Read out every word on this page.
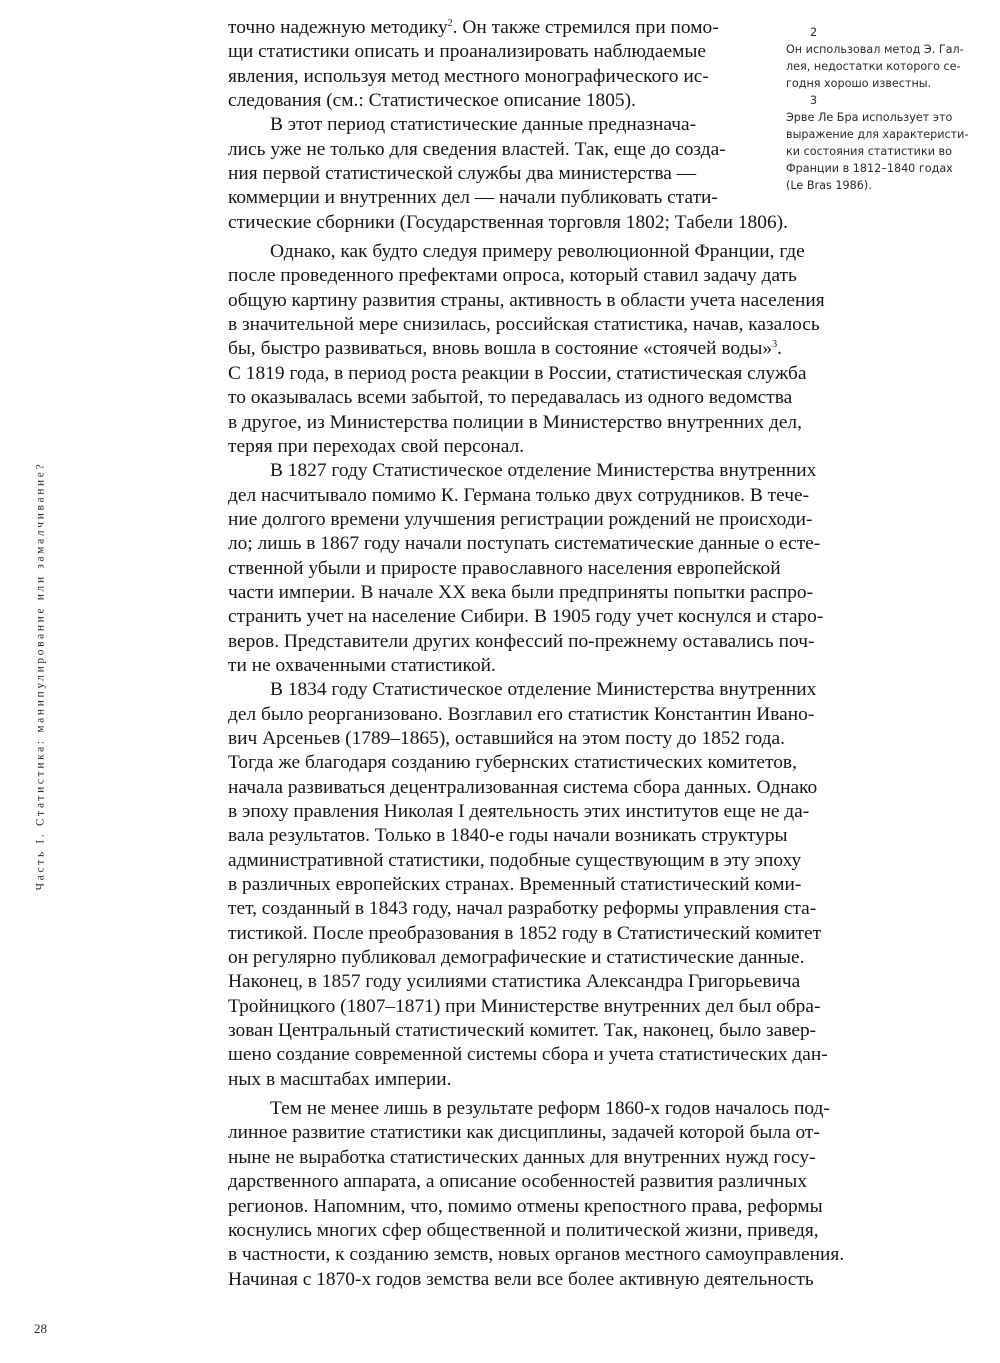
Часть I. Статистика: манипулирование или замалчивание?
точно надежную методику$^2$. Он также стремился при помо-
щи статистики описать и проанализировать наблюдаемые
явления, используя метод местного монографического ис-
следования (см.: Статистическое описание 1805).
В этот период статистические данные предназнача-
лись уже не только для сведения властей. Так, еще до созда-
ния первой статистической службы два министерства —
коммерции и внутренних дел — начали публиковать стати-
стические сборники (Государственная торговля 1802; Табели 1806).
Однако, как будто следуя примеру революционной Франции, где
после проведенного префектами опроса, который ставил задачу дать
общую картину развития страны, активность в области учета населения
в значительной мере снизилась, российская статистика, начав, казалось
бы, быстро развиваться, вновь вошла в состояние «стоячей воды»$^3$.
С 1819 года, в период роста реакции в России, статистическая служба
то оказывалась всеми забытой, то передавалась из одного ведомства
в другое, из Министерства полиции в Министерство внутренних дел,
теряя при переходах свой персонал.
В 1827 году Статистическое отделение Министерства внутренних
дел насчитывало помимо К. Германа только двух сотрудников. В тече-
ние долгого времени улучшения регистрации рождений не происходи-
ло; лишь в 1867 году начали поступать систематические данные о есте-
ственной убыли и приросте православного населения европейской
части империи. В начале XX века были предприняты попытки распро-
странить учет на население Сибири. В 1905 году учет коснулся и старо-
веров. Представители других конфессий по-прежнему оставались поч-
ти не охваченными статистикой.
В 1834 году Статистическое отделение Министерства внутренних
дел было реорганизовано. Возглавил его статистик Константин Ивано-
вич Арсеньев (1789–1865), оставшийся на этом посту до 1852 года.
Тогда же благодаря созданию губернских статистических комитетов,
начала развиваться децентрализованная система сбора данных. Однако
в эпоху правления Николая I деятельность этих институтов еще не да-
вала результатов. Только в 1840-е годы начали возникать структуры
административной статистики, подобные существующим в эту эпоху
в различных европейских странах. Временный статистический коми-
тет, созданный в 1843 году, начал разработку реформы управления ста-
тистикой. После преобразования в 1852 году в Статистический комитет
он регулярно публиковал демографические и статистические данные.
Наконец, в 1857 году усилиями статистика Александра Григорьевича
Тройницкого (1807–1871) при Министерстве внутренних дел был обра-
зован Центральный статистический комитет. Так, наконец, было завер-
шено создание современной системы сбора и учета статистических дан-
ных в масштабах империи.
Тем не менее лишь в результате реформ 1860-х годов началось под-
линное развитие статистики как дисциплины, задачей которой была от-
ныне не выработка статистических данных для внутренних нужд госу-
дарственного аппарата, а описание особенностей развития различных
регионов. Напомним, что, помимо отмены крепостного права, реформы
коснулись многих сфер общественной и политической жизни, приведя,
в частности, к созданию земств, новых органов местного самоуправления.
Начиная с 1870-х годов земства вели все более активную деятельность
2
Он использовал метод Э. Гал-
лея, недостатки которого се-
годня хорошо известны.
3
Эрве Ле Бра использует это
выражение для характеристи-
ки состояния статистики во
Франции в 1812–1840 годах
(Le Bras 1986).
28
